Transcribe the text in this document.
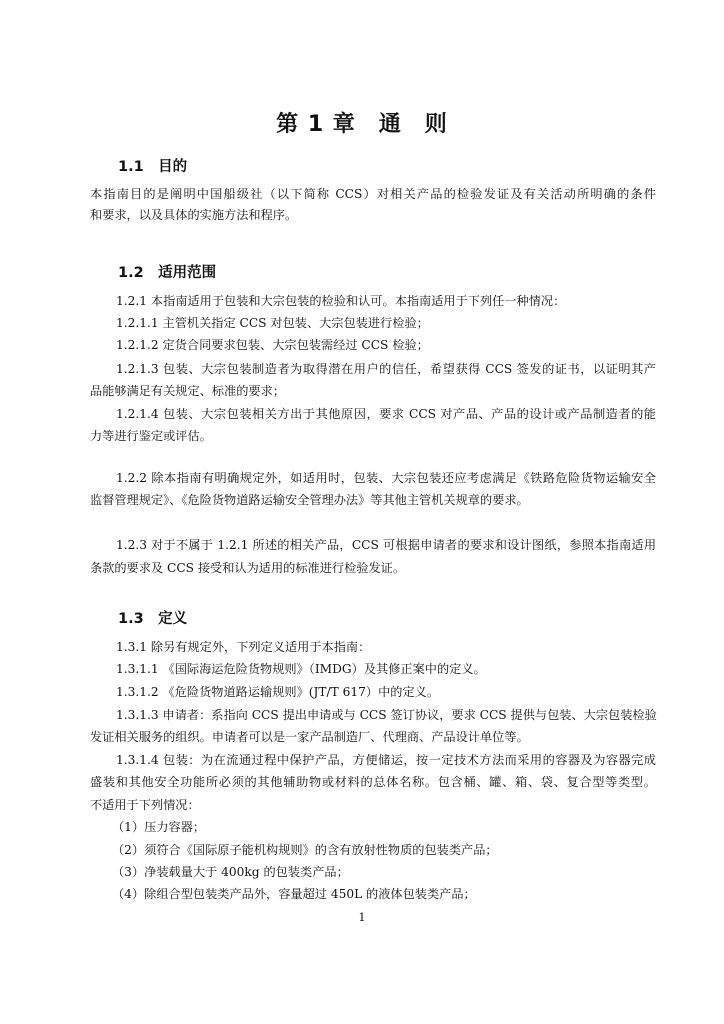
第 1 章　通　则
1.1　目的
本指南目的是阐明中国船级社（以下简称 CCS）对相关产品的检验发证及有关活动所明确的条件
和要求，以及具体的实施方法和程序。
1.2　适用范围
1.2.1 本指南适用于包装和大宗包装的检验和认可。本指南适用于下列任一种情况：
1.2.1.1 主管机关指定 CCS 对包装、大宗包装进行检验；
1.2.1.2 定货合同要求包装、大宗包装需经过 CCS 检验；
1.2.1.3 包装、大宗包装制造者为取得潜在用户的信任，希望获得 CCS 签发的证书，以证明其产
品能够满足有关规定、标准的要求；
1.2.1.4 包装、大宗包装相关方出于其他原因，要求 CCS 对产品、产品的设计或产品制造者的能
力等进行鉴定或评估。
1.2.2 除本指南有明确规定外，如适用时，包装、大宗包装还应考虑满足《铁路危险货物运输安全
监督管理规定》、《危险货物道路运输安全管理办法》等其他主管机关规章的要求。
1.2.3 对于不属于 1.2.1 所述的相关产品，CCS 可根据申请者的要求和设计图纸，参照本指南适用
条款的要求及 CCS 接受和认为适用的标准进行检验发证。
1.3　定义
1.3.1 除另有规定外，下列定义适用于本指南：
1.3.1.1 《国际海运危险货物规则》（IMDG）及其修正案中的定义。
1.3.1.2 《危险货物道路运输规则》(JT/T 617）中的定义。
1.3.1.3 申请者：系指向 CCS 提出申请或与 CCS 签订协议，要求 CCS 提供与包装、大宗包装检验
发证相关服务的组织。申请者可以是一家产品制造厂、代理商、产品设计单位等。
1.3.1.4 包装：为在流通过程中保护产品，方便储运，按一定技术方法而采用的容器及为容器完成
盛装和其他安全功能所必须的其他辅助物或材料的总体名称。包含桶、罐、箱、袋、复合型等类型。
不适用于下列情况：
（1）压力容器；
（2）须符合《国际原子能机构规则》的含有放射性物质的包装类产品；
（3）净装载量大于 400kg 的包装类产品；
（4）除组合型包装类产品外，容量超过 450L 的液体包装类产品；
1
